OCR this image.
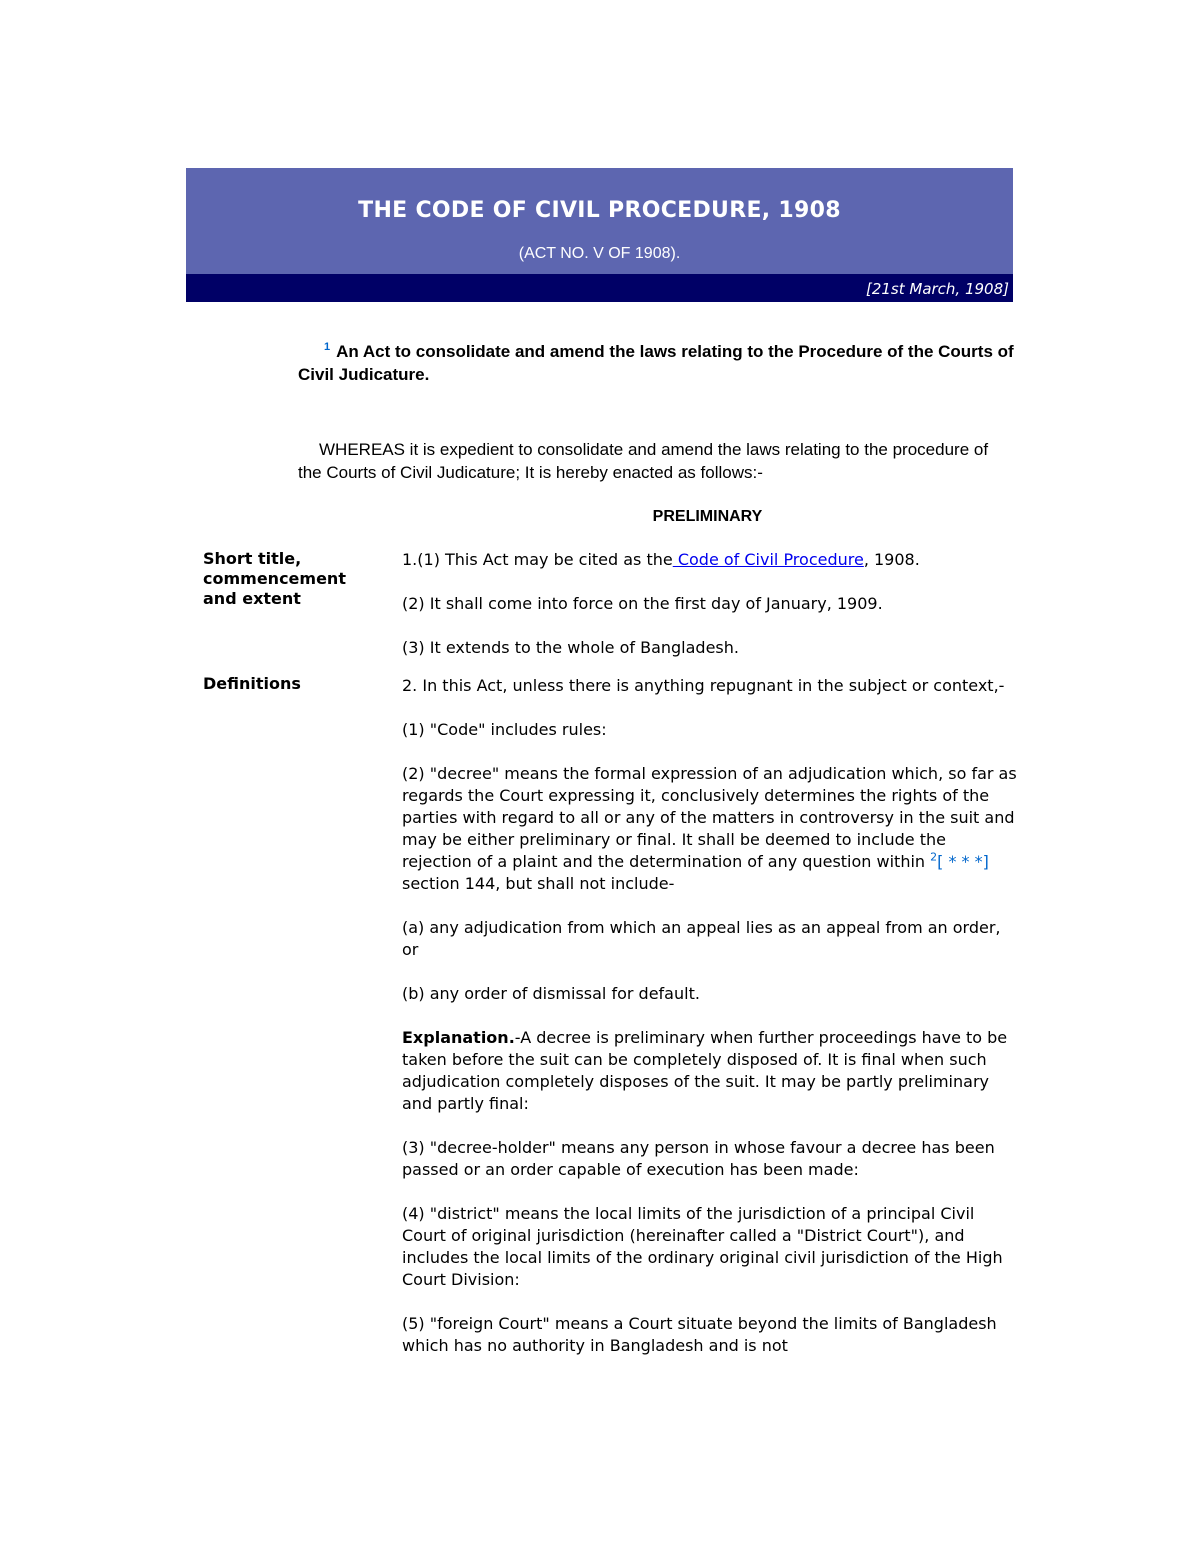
THE CODE OF CIVIL PROCEDURE, 1908
(ACT NO. V OF 1908).
[21st March, 1908]
$^1$ An Act to consolidate and amend the laws relating to the Procedure of the Courts of Civil Judicature.
WHEREAS it is expedient to consolidate and amend the laws relating to the procedure of the Courts of Civil Judicature; It is hereby enacted as follows:-
PRELIMINARY
Short title, commencement and extent
Definitions

1.(1) This Act may be cited as the Code of Civil Procedure, 1908.

(2) It shall come into force on the first day of January, 1909.

(3) It extends to the whole of Bangladesh.

2. In this Act, unless there is anything repugnant in the subject or context,-

(1) "Code" includes rules:

(2) "decree" means the formal expression of an adjudication which, so far as regards the Court expressing it, conclusively determines the rights of the parties with regard to all or any of the matters in controversy in the suit and may be either preliminary or final. It shall be deemed to include the rejection of a plaint and the determination of any question within $^2$[ * * *] section 144, but shall not include-

(a) any adjudication from which an appeal lies as an appeal from an order, or

(b) any order of dismissal for default.

Explanation.-A decree is preliminary when further proceedings have to be taken before the suit can be completely disposed of. It is final when such adjudication completely disposes of the suit. It may be partly preliminary and partly final:

(3) "decree-holder" means any person in whose favour a decree has been passed or an order capable of execution has been made:

(4) "district" means the local limits of the jurisdiction of a principal Civil Court of original jurisdiction (hereinafter called a "District Court"), and includes the local limits of the ordinary original civil jurisdiction of the High Court Division:

(5) "foreign Court" means a Court situate beyond the limits of Bangladesh which has no authority in Bangladesh and is not
